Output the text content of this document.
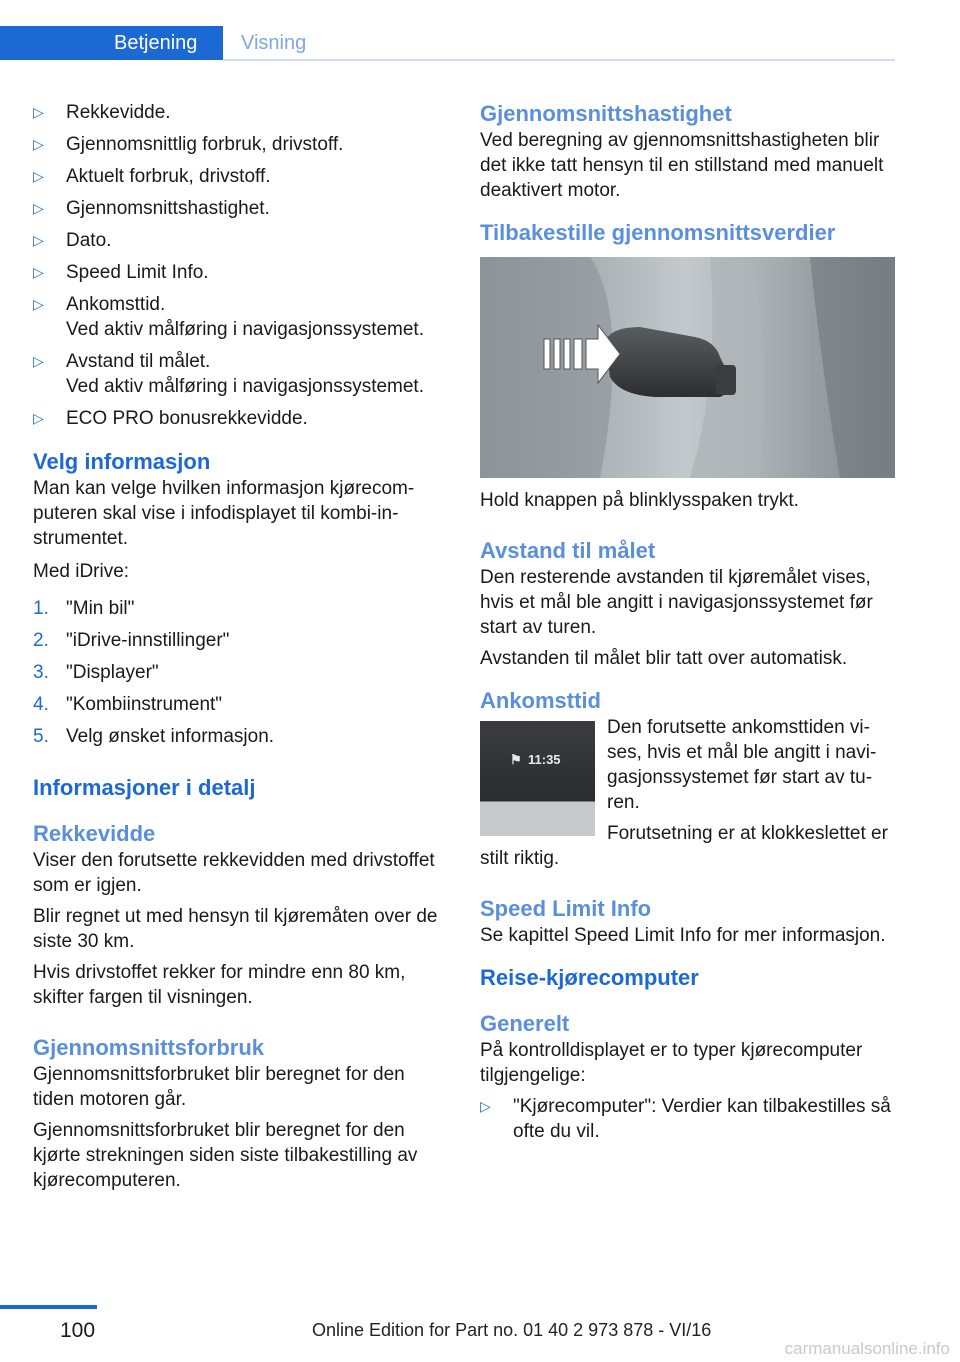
Betjening	Visning
▷ Rekkevidde.
▷ Gjennomsnittlig forbruk, drivstoff.
▷ Aktuelt forbruk, drivstoff.
▷ Gjennomsnittshastighet.
▷ Dato.
▷ Speed Limit Info.
▷ Ankomsttid.
Ved aktiv målføring i navigasjonssystemet.
▷ Avstand til målet.
Ved aktiv målføring i navigasjonssystemet.
▷ ECO PRO bonusrekkevidde.
Velg informasjon

Man kan velge hvilken informasjon kjørecomputeren skal vise i infodisplayet til kombi-instrumentet.

Med iDrive:

1. "Min bil"
2. "iDrive-innstillinger"
3. "Displayer"
4. "Kombiinstrument"
5. Velg ønsket informasjon.
Informasjoner i detalj
Rekkevidde

Viser den forutsette rekkevidden med drivstoffet som er igjen.

Blir regnet ut med hensyn til kjøremåten over de siste 30 km.

Hvis drivstoffet rekker for mindre enn 80 km, skifter fargen til visningen.

Gjennomsnittsforbruk

Gjennomsnittsforbruket blir beregnet for den tiden motoren går.

Gjennomsnittsforbruket blir beregnet for den kjørte strekningen siden siste tilbakestilling av kjørecomputeren.

Gjennomsnittshastighet

Ved beregning av gjennomsnittshastigheten blir det ikke tatt hensyn til en stillstand med manuelt deaktivert motor.

Tilbakestille gjennomsnittsverdier

Hold knappen på blinklysspaken trykt.

Avstand til målet

Den resterende avstanden til kjøremålet vises, hvis et mål ble angitt i navigasjonssystemet før start av turen.

Avstanden til målet blir tatt over automatisk.

Ankomsttid
⚑ 11:35

Den forutsette ankomsttiden vises, hvis et mål ble angitt i navigasjonssystemet før start av turen.

Forutsetning er at klokkeslettet er stilt riktig.

Speed Limit Info

Se kapittel Speed Limit Info for mer informasjon.

Reise-kjørecomputer
Generelt

På kontrolldisplayet er to typer kjørecomputer tilgjengelige:

▷ "Kjørecomputer": Verdier kan tilbakestilles så ofte du vil.
100	Online Edition for Part no. 01 40 2 973 878 - VI/16
carmanualsonline.info
